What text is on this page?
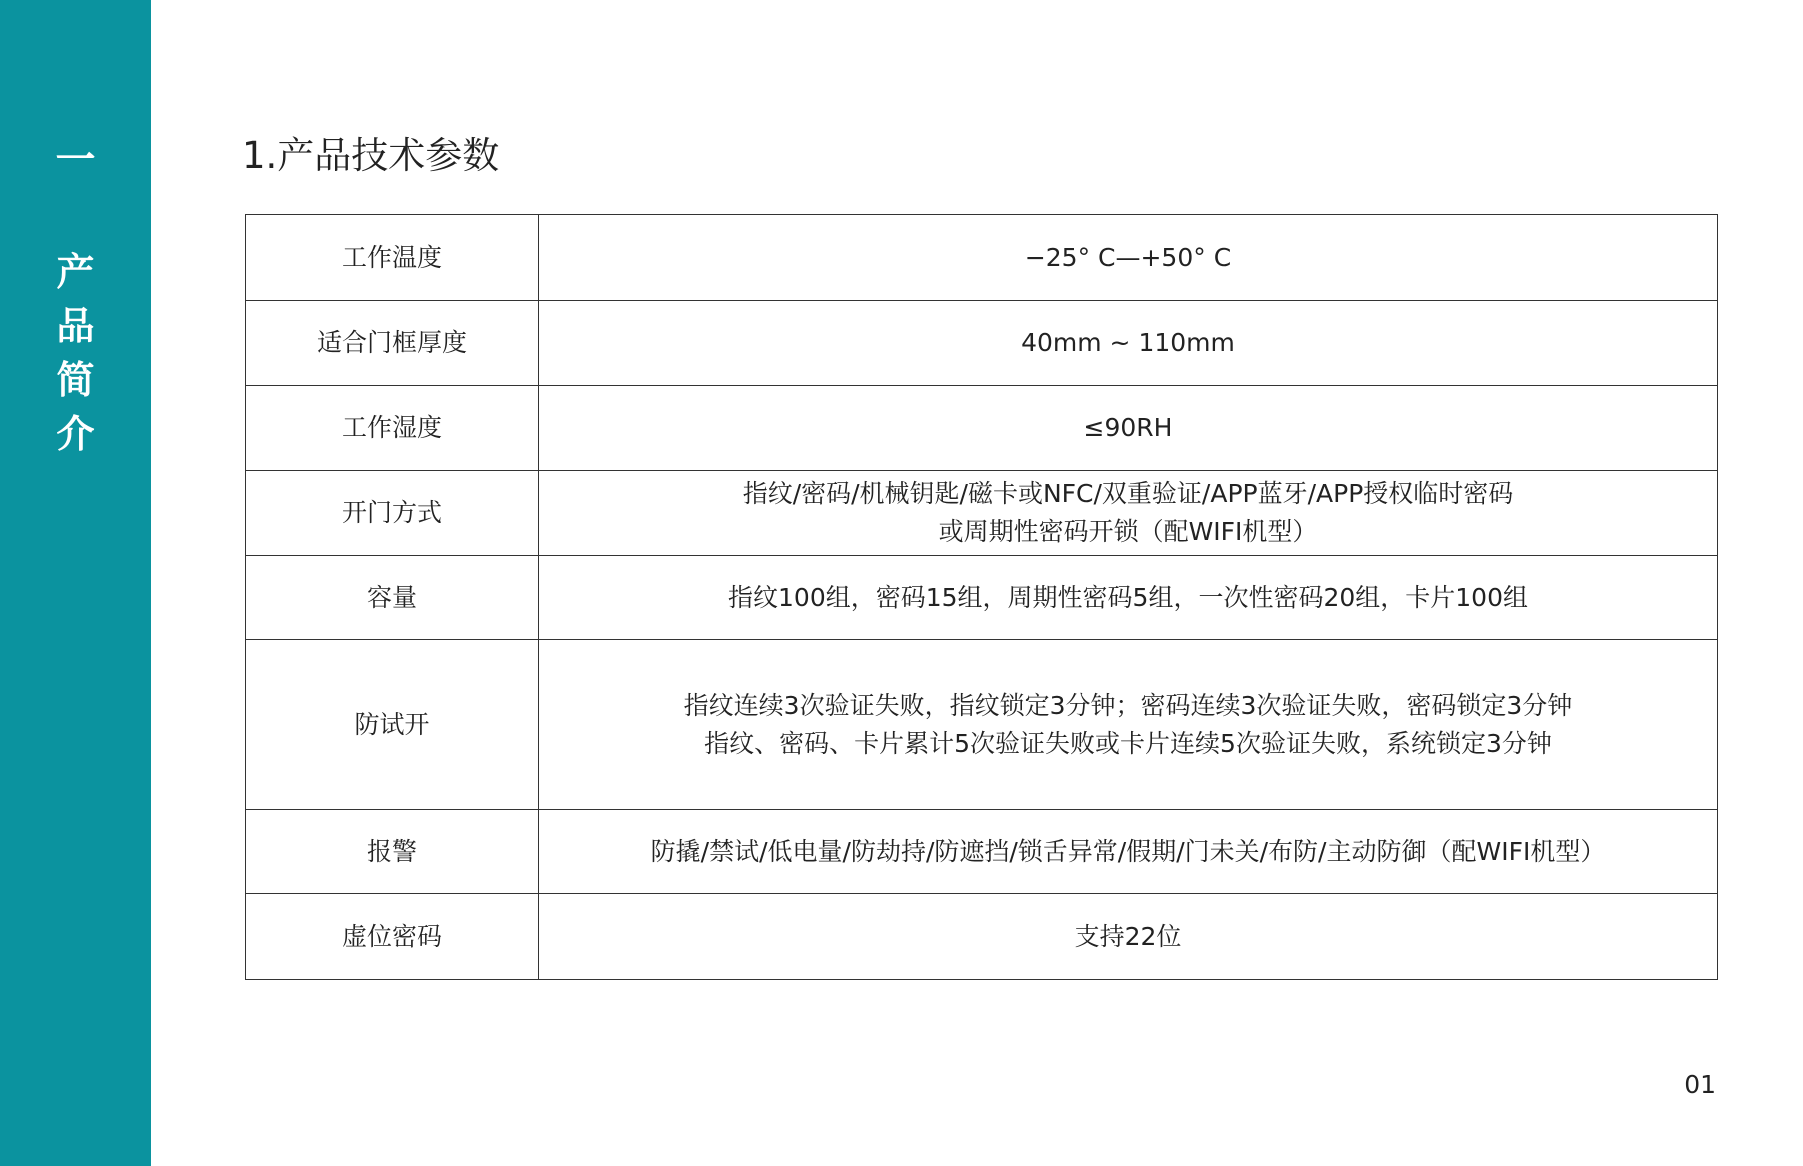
一
产
品
简
介
1.产品技术参数
工作温度	−25° C—+50° C

适合门框厚度	40mm ~ 110mm

工作湿度	≤90RH

开门方式	指纹/密码/机械钥匙/磁卡或NFC/双重验证/APP蓝牙/APP授权临时密码
或周期性密码开锁（配WIFI机型）

容量	指纹100组，密码15组，周期性密码5组，一次性密码20组，卡片100组

防试开	指纹连续3次验证失败，指纹锁定3分钟；密码连续3次验证失败，密码锁定3分钟
指纹、密码、卡片累计5次验证失败或卡片连续5次验证失败，系统锁定3分钟

报警	防撬/禁试/低电量/防劫持/防遮挡/锁舌异常/假期/门未关/布防/主动防御（配WIFI机型）

虚位密码	支持22位
01
